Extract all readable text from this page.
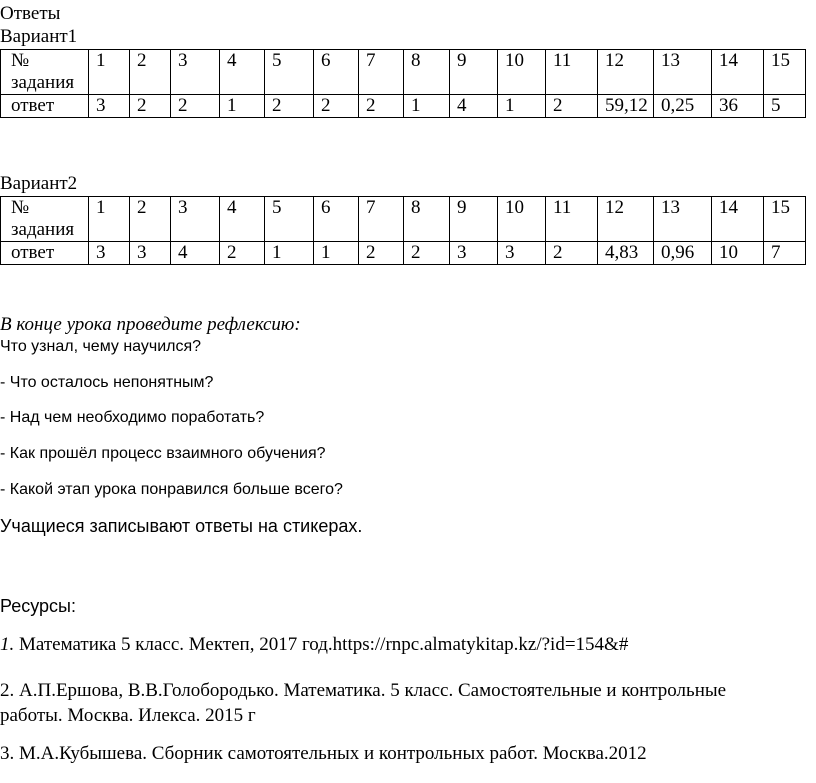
Ответы
Вариант1
№
задания	1	2	3	4	5	6	7	8	9	10	11	12	13	14	15
ответ	3	2	2	1	2	2	2	1	4	1	2	59,12	0,25	36	5
Вариант2
№
задания	1	2	3	4	5	6	7	8	9	10	11	12	13	14	15
ответ	3	3	4	2	1	1	2	2	3	3	2	4,83	0,96	10	7
В конце урока проведите рефлексию:
Что узнал, чему научился?
- Что осталось непонятным?
- Над чем необходимо поработать?
- Как прошёл процесс взаимного обучения?
- Какой этап урока понравился больше всего?
Учащиеся записывают ответы на стикерах.
Ресурсы:
1. Математика 5 класс. Мектеп, 2017 год.https://rnpc.almatykitap.kz/?id=154&#
2. А.П.Ершова, В.В.Голобородько. Математика. 5 класс. Самостоятельные и контрольные
работы. Москва. Илекса. 2015 г
3. М.А.Кубышева. Сборник самотоятельных и контрольных работ. Москва.2012
